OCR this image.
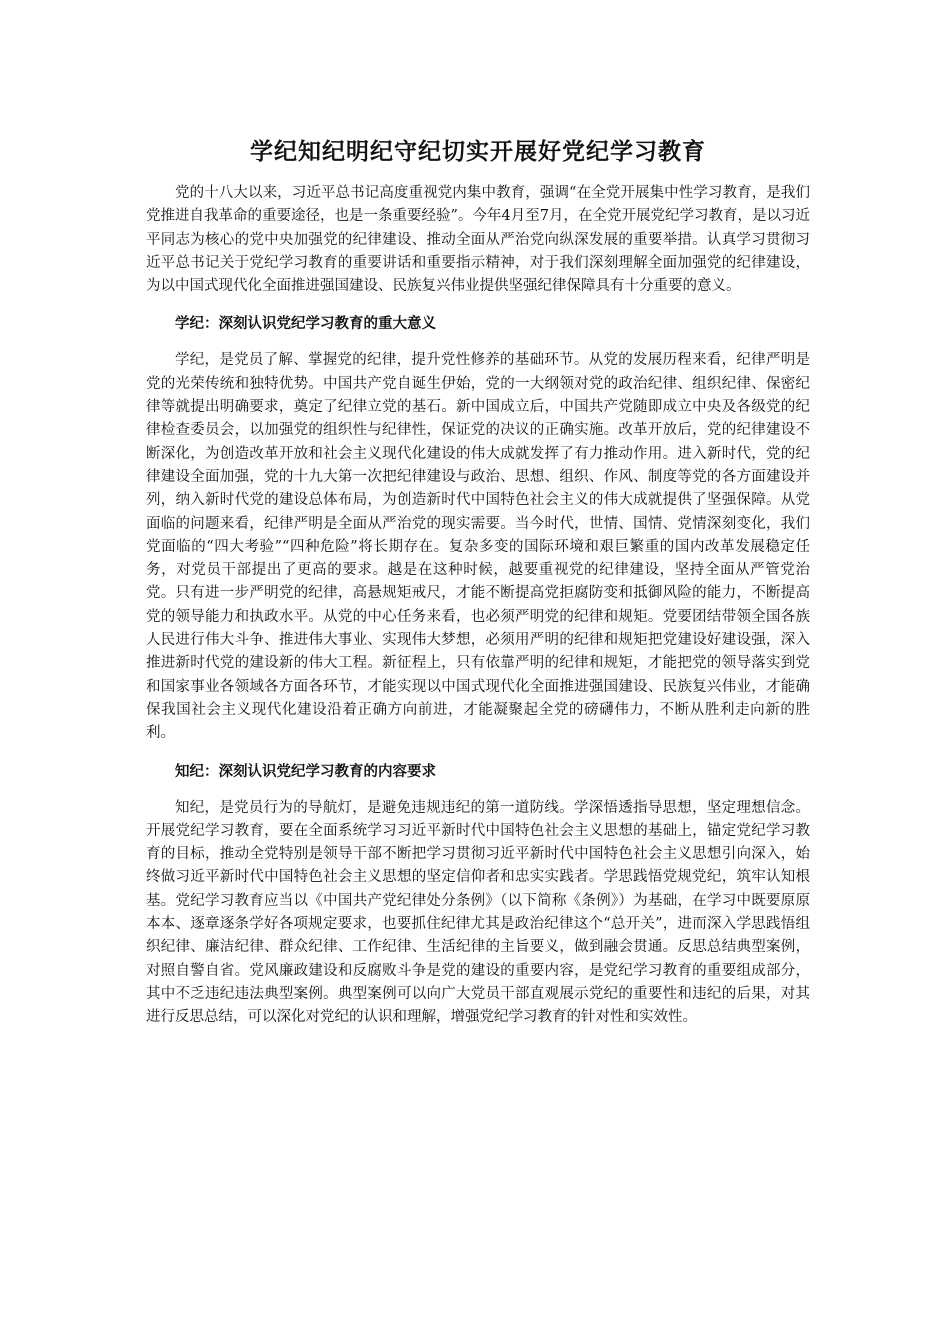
学纪知纪明纪守纪切实开展好党纪学习教育

党的十八大以来，习近平总书记高度重视党内集中教育，强调“在全党开展集中性学习教育，是我们党推进自我革命的重要途径，也是一条重要经验”。今年4月至7月，在全党开展党纪学习教育，是以习近平同志为核心的党中央加强党的纪律建设、推动全面从严治党向纵深发展的重要举措。认真学习贯彻习近平总书记关于党纪学习教育的重要讲话和重要指示精神，对于我们深刻理解全面加强党的纪律建设，为以中国式现代化全面推进强国建设、民族复兴伟业提供坚强纪律保障具有十分重要的意义。

学纪：深刻认识党纪学习教育的重大意义

学纪，是党员了解、掌握党的纪律，提升党性修养的基础环节。从党的发展历程来看，纪律严明是党的光荣传统和独特优势。中国共产党自诞生伊始，党的一大纲领对党的政治纪律、组织纪律、保密纪律等就提出明确要求，奠定了纪律立党的基石。新中国成立后，中国共产党随即成立中央及各级党的纪律检查委员会，以加强党的组织性与纪律性，保证党的决议的正确实施。改革开放后，党的纪律建设不断深化，为创造改革开放和社会主义现代化建设的伟大成就发挥了有力推动作用。进入新时代，党的纪律建设全面加强，党的十九大第一次把纪律建设与政治、思想、组织、作风、制度等党的各方面建设并列，纳入新时代党的建设总体布局，为创造新时代中国特色社会主义的伟大成就提供了坚强保障。从党面临的问题来看，纪律严明是全面从严治党的现实需要。当今时代，世情、国情、党情深刻变化，我们党面临的“四大考验”“四种危险”将长期存在。复杂多变的国际环境和艰巨繁重的国内改革发展稳定任务，对党员干部提出了更高的要求。越是在这种时候，越要重视党的纪律建设，坚持全面从严管党治党。只有进一步严明党的纪律，高悬规矩戒尺，才能不断提高党拒腐防变和抵御风险的能力，不断提高党的领导能力和执政水平。从党的中心任务来看，也必须严明党的纪律和规矩。党要团结带领全国各族人民进行伟大斗争、推进伟大事业、实现伟大梦想，必须用严明的纪律和规矩把党建设好建设强，深入推进新时代党的建设新的伟大工程。新征程上，只有依靠严明的纪律和规矩，才能把党的领导落实到党和国家事业各领域各方面各环节，才能实现以中国式现代化全面推进强国建设、民族复兴伟业，才能确保我国社会主义现代化建设沿着正确方向前进，才能凝聚起全党的磅礴伟力，不断从胜利走向新的胜利。

知纪：深刻认识党纪学习教育的内容要求

知纪，是党员行为的导航灯，是避免违规违纪的第一道防线。学深悟透指导思想，坚定理想信念。开展党纪学习教育，要在全面系统学习习近平新时代中国特色社会主义思想的基础上，锚定党纪学习教育的目标，推动全党特别是领导干部不断把学习贯彻习近平新时代中国特色社会主义思想引向深入，始终做习近平新时代中国特色社会主义思想的坚定信仰者和忠实实践者。学思践悟党规党纪，筑牢认知根基。党纪学习教育应当以《中国共产党纪律处分条例》（以下简称《条例》）为基础，在学习中既要原原本本、逐章逐条学好各项规定要求，也要抓住纪律尤其是政治纪律这个“总开关”，进而深入学思践悟组织纪律、廉洁纪律、群众纪律、工作纪律、生活纪律的主旨要义，做到融会贯通。反思总结典型案例，对照自警自省。党风廉政建设和反腐败斗争是党的建设的重要内容，是党纪学习教育的重要组成部分，其中不乏违纪违法典型案例。典型案例可以向广大党员干部直观展示党纪的重要性和违纪的后果，对其进行反思总结，可以深化对党纪的认识和理解，增强党纪学习教育的针对性和实效性。
